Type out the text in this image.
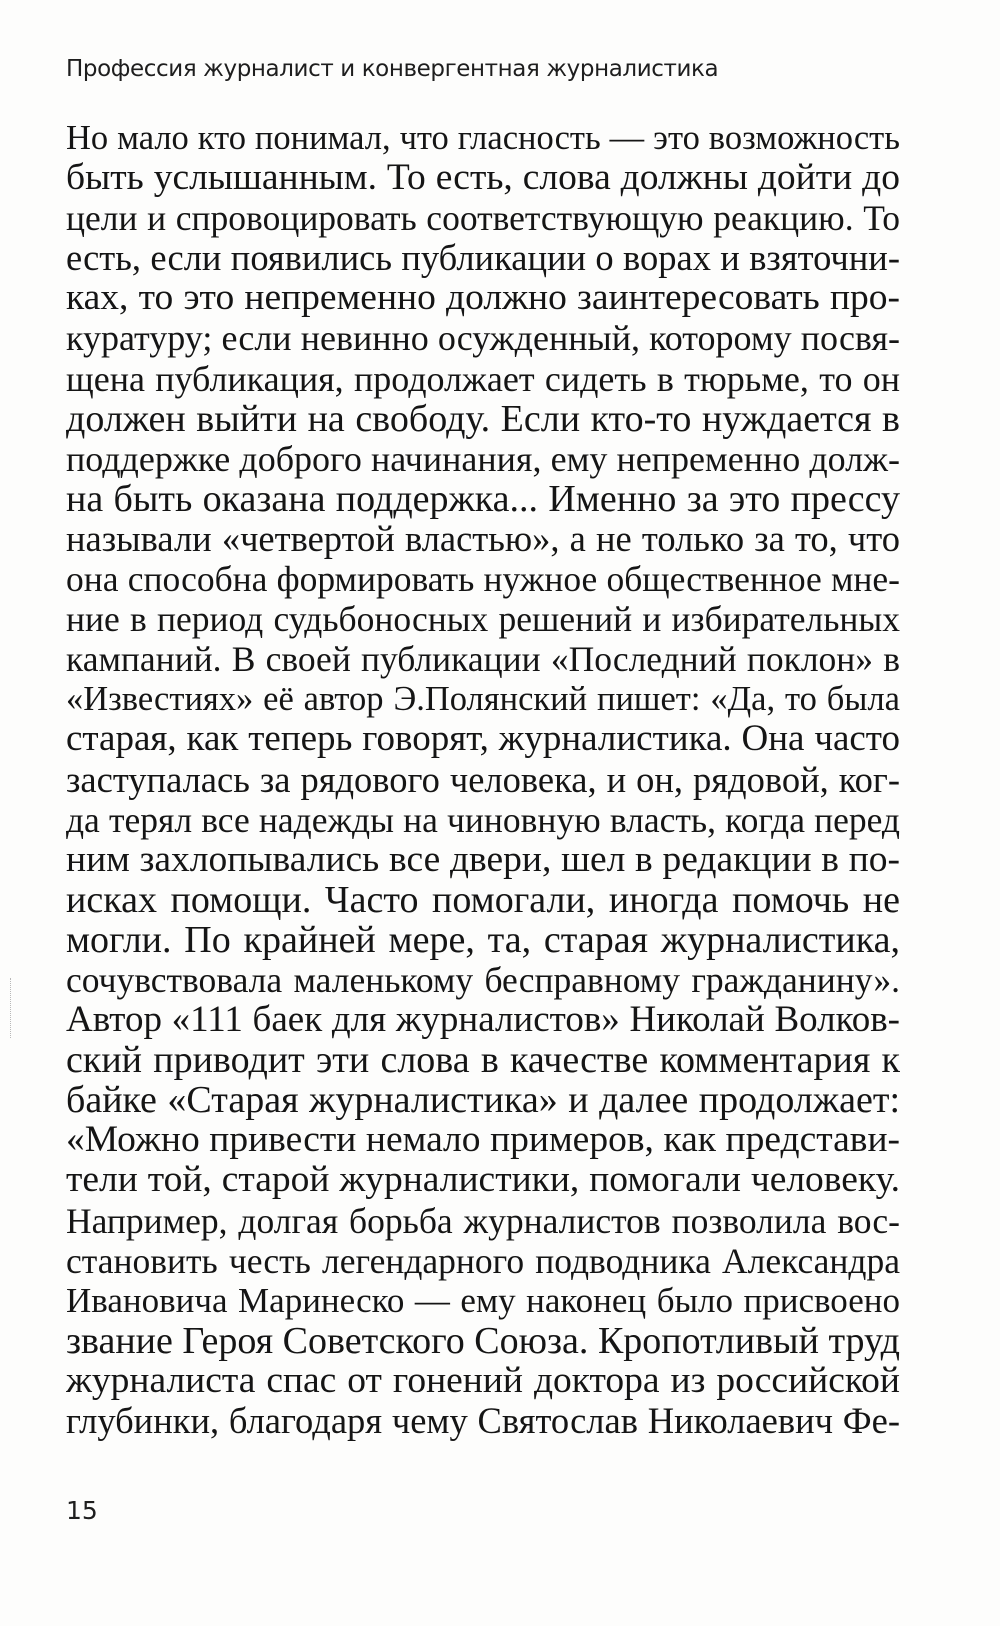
Профессия журналист и конвергентная журналистика
Но мало кто понимал, что гласность — это возможность
быть услышанным. То есть, слова должны дойти до
цели и спровоцировать соответствующую реакцию. То
есть, если появились публикации о ворах и взяточни-
ках, то это непременно должно заинтересовать про-
куратуру; если невинно осужденный, которому посвя-
щена публикация, продолжает сидеть в тюрьме, то он
должен выйти на свободу. Если кто-то нуждается в
поддержке доброго начинания, ему непременно долж-
на быть оказана поддержка... Именно за это прессу
называли «четвертой властью», а не только за то, что
она способна формировать нужное общественное мне-
ние в период судьбоносных решений и избирательных
кампаний. В своей публикации «Последний поклон» в
«Известиях» её автор Э.Полянский пишет: «Да, то была
старая, как теперь говорят, журналистика. Она часто
заступалась за рядового человека, и он, рядовой, ког-
да терял все надежды на чиновную власть, когда перед
ним захлопывались все двери, шел в редакции в по-
исках помощи. Часто помогали, иногда помочь не
могли. По крайней мере, та, старая журналистика,
сочувствовала маленькому бесправному гражданину».
Автор «111 баек для журналистов» Николай Волков-
ский приводит эти слова в качестве комментария к
байке «Старая журналистика» и далее продолжает:
«Можно привести немало примеров, как представи-
тели той, старой журналистики, помогали человеку.
Например, долгая борьба журналистов позволила вос-
становить честь легендарного подводника Александра
Ивановича Маринеско — ему наконец было присвоено
звание Героя Советского Союза. Кропотливый труд
журналиста спас от гонений доктора из российской
глубинки, благодаря чему Святослав Николаевич Фе-
15
